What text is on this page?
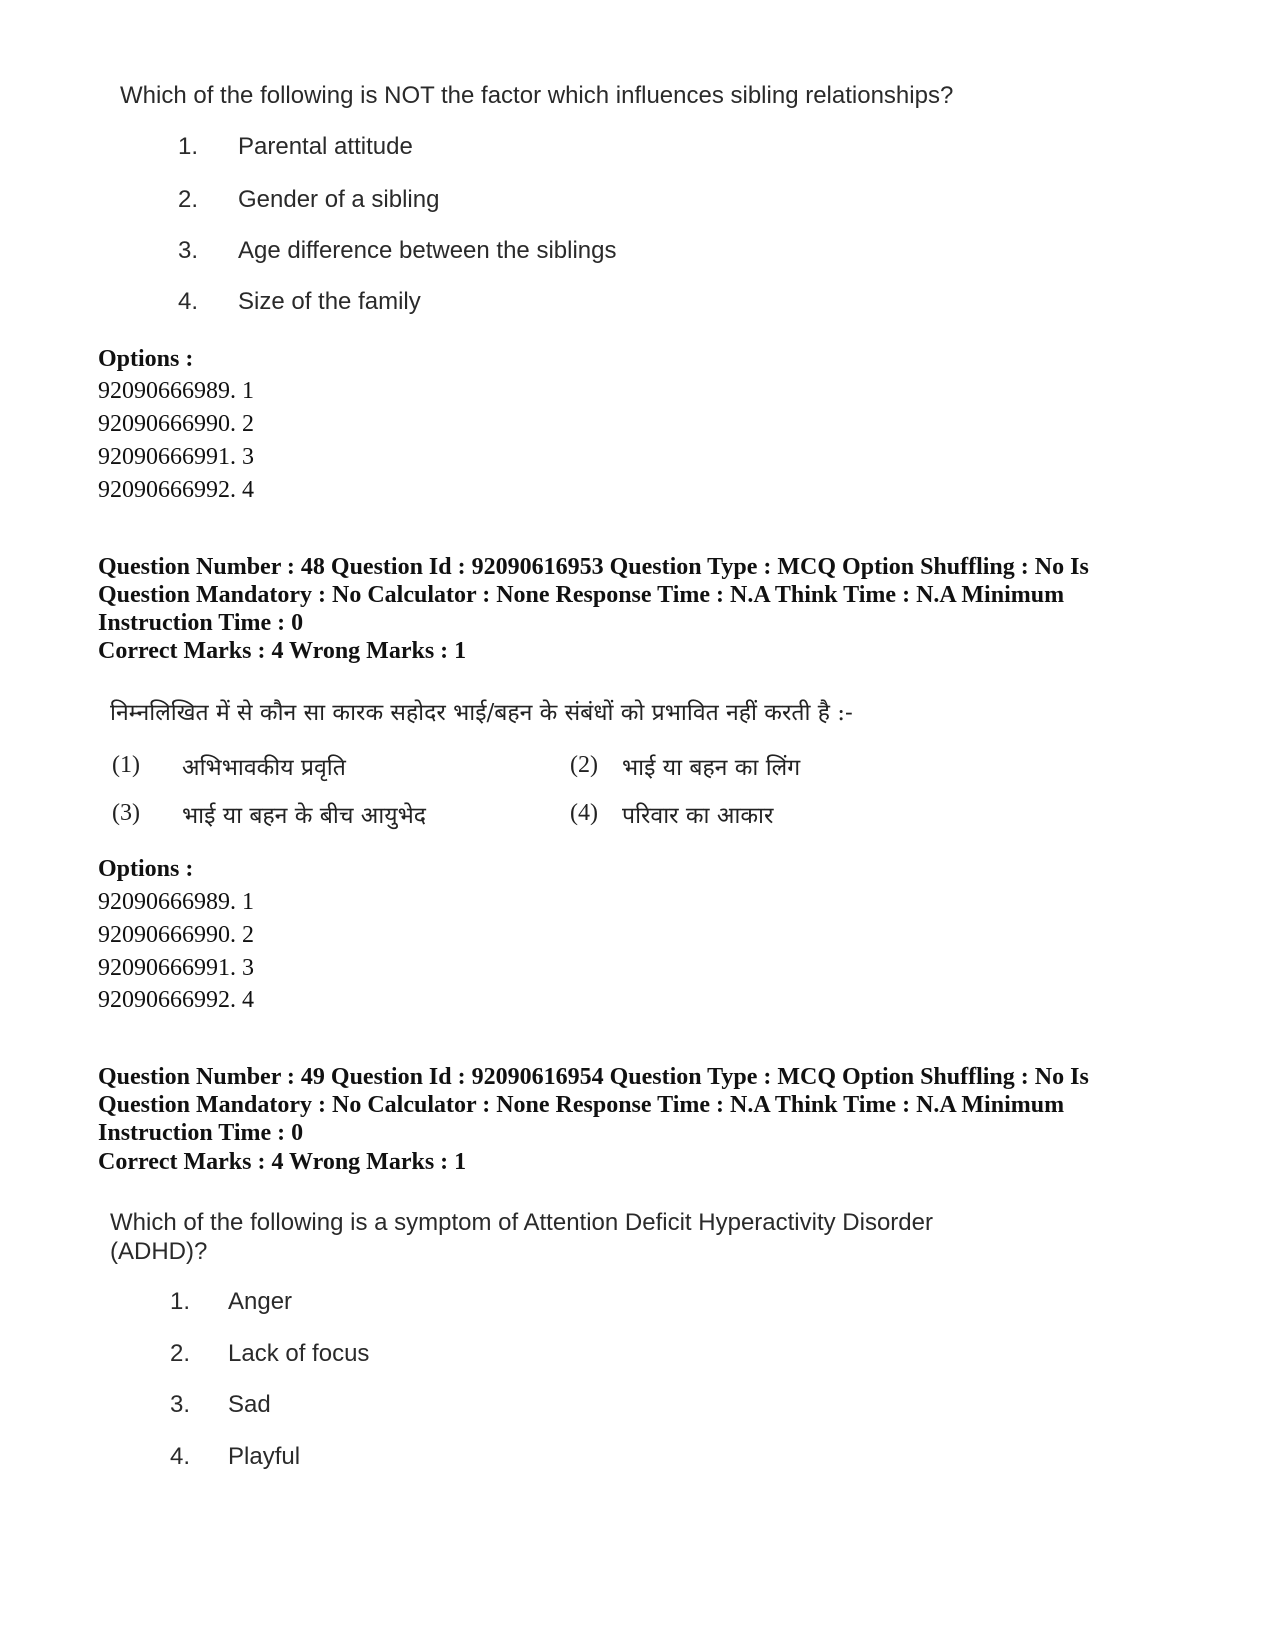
Which of the following is NOT the factor which influences sibling relationships?
1. Parental attitude
2. Gender of a sibling
3. Age difference between the siblings
4. Size of the family
Options :
92090666989. 1
92090666990. 2
92090666991. 3
92090666992. 4
Question Number : 48 Question Id : 92090616953 Question Type : MCQ Option Shuffling : No Is Question Mandatory : No Calculator : None Response Time : N.A Think Time : N.A Minimum Instruction Time : 0
Correct Marks : 4 Wrong Marks : 1
निम्नलिखित में से कौन सा कारक सहोदर भाई/बहन के संबंधों को प्रभावित नहीं करती है :-
(1) अभिभावकीय प्रवृति	(2) भाई या बहन का लिंग
(3) भाई या बहन के बीच आयुभेद	(4) परिवार का आकार
Options :
92090666989. 1
92090666990. 2
92090666991. 3
92090666992. 4
Question Number : 49 Question Id : 92090616954 Question Type : MCQ Option Shuffling : No Is Question Mandatory : No Calculator : None Response Time : N.A Think Time : N.A Minimum Instruction Time : 0
Correct Marks : 4 Wrong Marks : 1
Which of the following is a symptom of Attention Deficit Hyperactivity Disorder
(ADHD)?
1. Anger
2. Lack of focus
3. Sad
4. Playful
